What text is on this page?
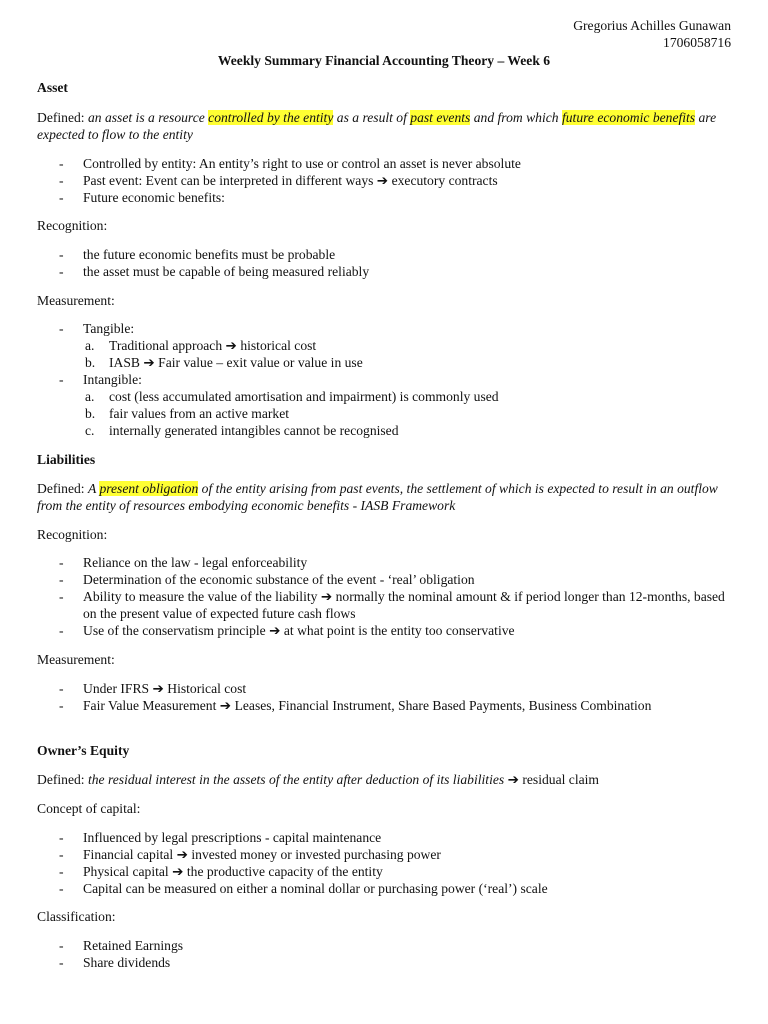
Gregorius Achilles Gunawan
1706058716
Weekly Summary Financial Accounting Theory – Week 6
Asset
Defined: an asset is a resource controlled by the entity as a result of past events and from which future economic benefits are expected to flow to the entity
- Controlled by entity: An entity’s right to use or control an asset is never absolute
- Past event: Event can be interpreted in different ways ➔ executory contracts
- Future economic benefits:
Recognition:
- the future economic benefits must be probable
- the asset must be capable of being measured reliably
Measurement:
- Tangible:
a. Traditional approach ➔ historical cost
b. IASB ➔ Fair value – exit value or value in use
- Intangible:
a. cost (less accumulated amortisation and impairment) is commonly used
b. fair values from an active market
c. internally generated intangibles cannot be recognised
Liabilities
Defined: A present obligation of the entity arising from past events, the settlement of which is expected to result in an outflow from the entity of resources embodying economic benefits - IASB Framework
Recognition:
- Reliance on the law - legal enforceability
- Determination of the economic substance of the event - ‘real’ obligation
- Ability to measure the value of the liability ➔ normally the nominal amount & if period longer than 12-months, based on the present value of expected future cash flows
- Use of the conservatism principle ➔ at what point is the entity too conservative
Measurement:
- Under IFRS ➔ Historical cost
- Fair Value Measurement ➔ Leases, Financial Instrument, Share Based Payments, Business Combination
Owner’s Equity
Defined: the residual interest in the assets of the entity after deduction of its liabilities ➔ residual claim
Concept of capital:
- Influenced by legal prescriptions - capital maintenance
- Financial capital ➔ invested money or invested purchasing power
- Physical capital ➔ the productive capacity of the entity
- Capital can be measured on either a nominal dollar or purchasing power (‘real’) scale
Classification:
- Retained Earnings
- Share dividends
